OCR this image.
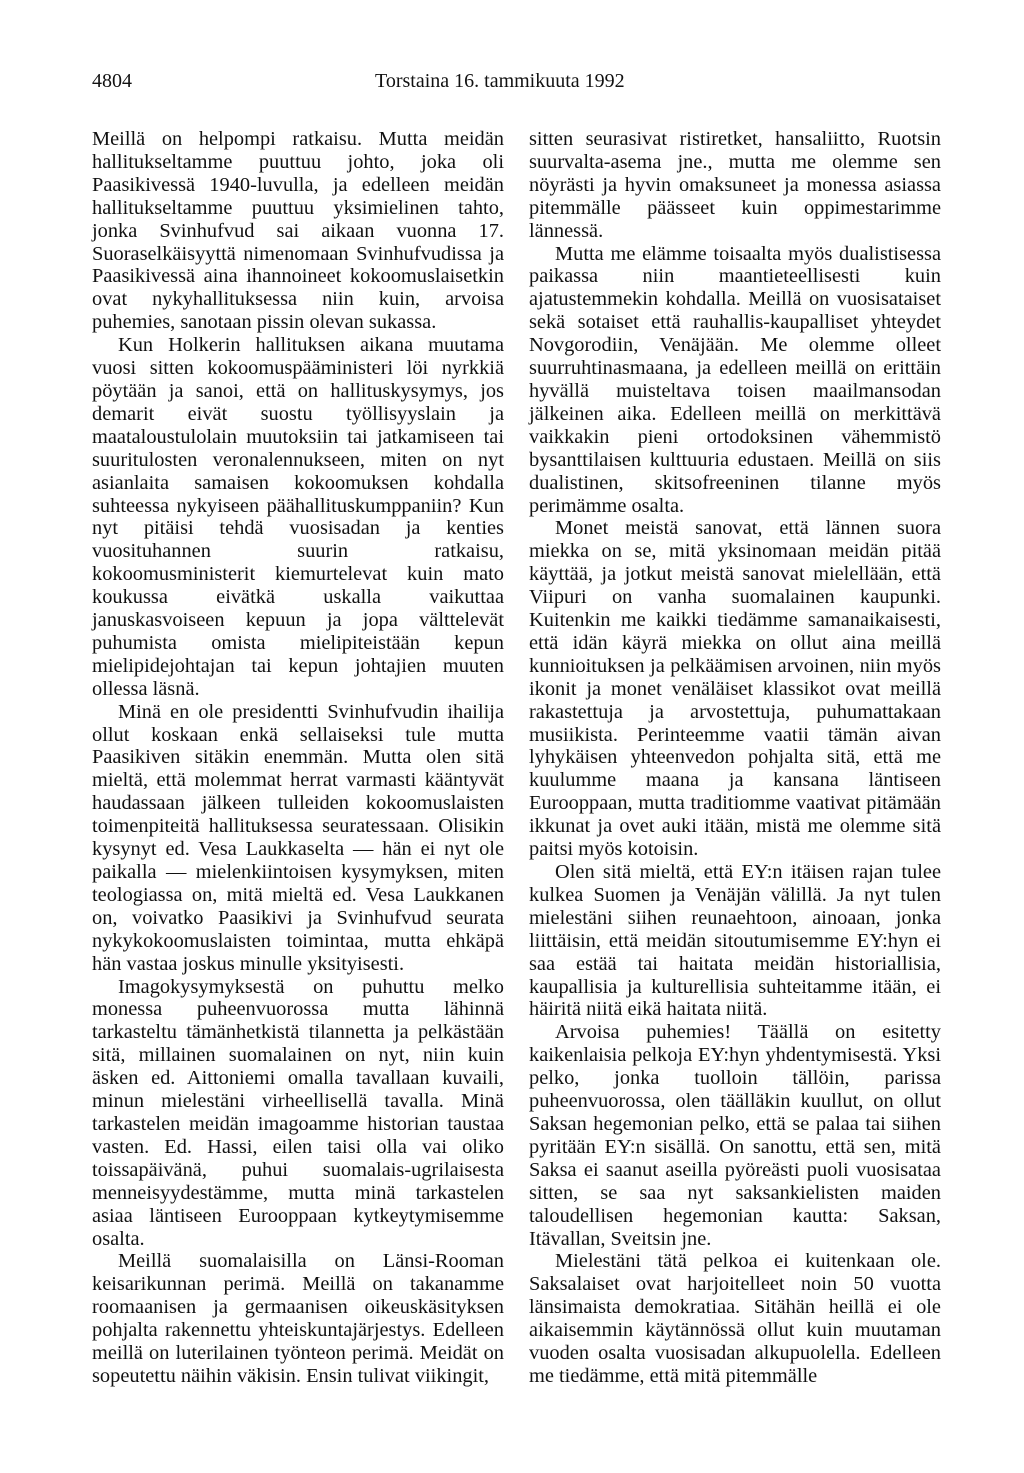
4804	Torstaina 16. tammikuuta 1992

Meillä on helpompi ratkaisu. Mutta meidän hallitukseltamme puuttuu johto, joka oli Paasikivessä 1940-luvulla, ja edelleen meidän hallitukseltamme puuttuu yksimielinen tahto, jonka Svinhufvud sai aikaan vuonna 17. Suoraselkäisyyttä nimenomaan Svinhufvudissa ja Paasikivessä aina ihannoineet kokoomuslaisetkin ovat nykyhallituksessa niin kuin, arvoisa puhemies, sanotaan pissin olevan sukassa.

Kun Holkerin hallituksen aikana muutama vuosi sitten kokoomuspääministeri löi nyrkkiä pöytään ja sanoi, että on hallituskysymys, jos demarit eivät suostu työllisyyslain ja maataloustulolain muutoksiin tai jatkamiseen tai suuritulosten veronalennukseen, miten on nyt asianlaita samaisen kokoomuksen kohdalla suhteessa nykyiseen päähallituskumppaniin? Kun nyt pitäisi tehdä vuosisadan ja kenties vuosituhannen suurin ratkaisu, kokoomusministerit kiemurtelevat kuin mato koukussa eivätkä uskalla vaikuttaa januskasvoiseen kepuun ja jopa välttelevät puhumista omista mielipiteistään kepun mielipidejohtajan tai kepun johtajien muuten ollessa läsnä.

Minä en ole presidentti Svinhufvudin ihailija ollut koskaan enkä sellaiseksi tule mutta Paasikiven sitäkin enemmän. Mutta olen sitä mieltä, että molemmat herrat varmasti kääntyvät haudassaan jälkeen tulleiden kokoomuslaisten toimenpiteitä hallituksessa seuratessaan. Olisikin kysynyt ed. Vesa Laukkaselta — hän ei nyt ole paikalla — mielenkiintoisen kysymyksen, miten teologiassa on, mitä mieltä ed. Vesa Laukkanen on, voivatko Paasikivi ja Svinhufvud seurata nykykokoomuslaisten toimintaa, mutta ehkäpä hän vastaa joskus minulle yksityisesti.

Imagokysymyksestä on puhuttu melko monessa puheenvuorossa mutta lähinnä tarkasteltu tämänhetkistä tilannetta ja pelkästään sitä, millainen suomalainen on nyt, niin kuin äsken ed. Aittoniemi omalla tavallaan kuvaili, minun mielestäni virheellisellä tavalla. Minä tarkastelen meidän imagoamme historian taustaa vasten. Ed. Hassi, eilen taisi olla vai oliko toissapäivänä, puhui suomalais-ugrilaisesta menneisyydestämme, mutta minä tarkastelen asiaa läntiseen Eurooppaan kytkeytymisemme osalta.

Meillä suomalaisilla on Länsi-Rooman keisarikunnan perimä. Meillä on takanamme roomaanisen ja germaanisen oikeuskäsityksen pohjalta rakennettu yhteiskuntajärjestys. Edelleen meillä on luterilainen työnteon perimä. Meidät on sopeutettu näihin väkisin. Ensin tulivat viikingit,

sitten seurasivat ristiretket, hansaliitto, Ruotsin suurvalta-asema jne., mutta me olemme sen nöyrästi ja hyvin omaksuneet ja monessa asiassa pitemmälle päässeet kuin oppimestarimme lännessä.

Mutta me elämme toisaalta myös dualistisessa paikassa niin maantieteellisesti kuin ajatustemmekin kohdalla. Meillä on vuosisataiset sekä sotaiset että rauhallis-kaupalliset yhteydet Novgorodiin, Venäjään. Me olemme olleet suurruhtinasmaana, ja edelleen meillä on erittäin hyvällä muisteltava toisen maailmansodan jälkeinen aika. Edelleen meillä on merkittävä vaikkakin pieni ortodoksinen vähemmistö bysanttilaisen kulttuuria edustaen. Meillä on siis dualistinen, skitsofreeninen tilanne myös perimämme osalta.

Monet meistä sanovat, että lännen suora miekka on se, mitä yksinomaan meidän pitää käyttää, ja jotkut meistä sanovat mielellään, että Viipuri on vanha suomalainen kaupunki. Kuitenkin me kaikki tiedämme samanaikaisesti, että idän käyrä miekka on ollut aina meillä kunnioituksen ja pelkäämisen arvoinen, niin myös ikonit ja monet venäläiset klassikot ovat meillä rakastettuja ja arvostettuja, puhumattakaan musiikista. Perinteemme vaatii tämän aivan lyhykäisen yhteenvedon pohjalta sitä, että me kuulumme maana ja kansana läntiseen Eurooppaan, mutta traditiomme vaativat pitämään ikkunat ja ovet auki itään, mistä me olemme sitä paitsi myös kotoisin.

Olen sitä mieltä, että EY:n itäisen rajan tulee kulkea Suomen ja Venäjän välillä. Ja nyt tulen mielestäni siihen reunaehtoon, ainoaan, jonka liittäisin, että meidän sitoutumisemme EY:hyn ei saa estää tai haitata meidän historiallisia, kaupallisia ja kulturellisia suhteitamme itään, ei häiritä niitä eikä haitata niitä.

Arvoisa puhemies! Täällä on esitetty kaikenlaisia pelkoja EY:hyn yhdentymisestä. Yksi pelko, jonka tuolloin tällöin, parissa puheenvuorossa, olen täälläkin kuullut, on ollut Saksan hegemonian pelko, että se palaa tai siihen pyritään EY:n sisällä. On sanottu, että sen, mitä Saksa ei saanut aseilla pyöreästi puoli vuosisataa sitten, se saa nyt saksankielisten maiden taloudellisen hegemonian kautta: Saksan, Itävallan, Sveitsin jne.

Mielestäni tätä pelkoa ei kuitenkaan ole. Saksalaiset ovat harjoitelleet noin 50 vuotta länsimaista demokratiaa. Sitähän heillä ei ole aikaisemmin käytännössä ollut kuin muutaman vuoden osalta vuosisadan alkupuolella. Edelleen me tiedämme, että mitä pitemmälle
